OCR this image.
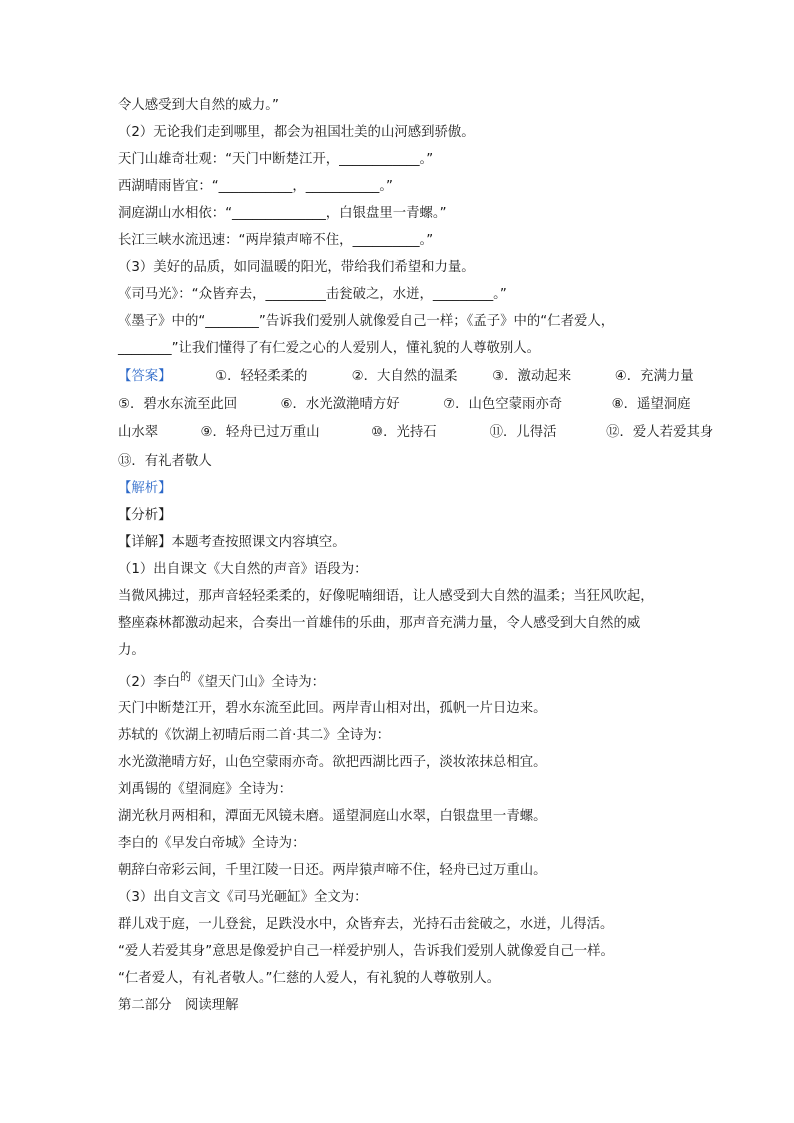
令人感受到大自然的威力。”
（2）无论我们走到哪里，都会为祖国壮美的山河感到骄傲。
天门山雄奇壮观：“天门中断楚江开，____________。”
西湖晴雨皆宜：“___________，___________。”
洞庭湖山水相依：“______________，白银盘里一青螺。”
长江三峡水流迅速：“两岸猿声啼不住，__________。”
（3）美好的品质，如同温暖的阳光，带给我们希望和力量。
《司马光》：“众皆弃去，_________击瓮破之，水迸，_________。”
《墨子》中的“________”告诉我们爱别人就像爱自己一样；《孟子》中的“仁者爱人，
________”让我们懂得了有仁爱之心的人爱别人，懂礼貌的人尊敬别人。
【答案】	①．轻轻柔柔的	②．大自然的温柔	③．激动起来	④．充满力量
⑤．碧水东流至此回	⑥．水光潋滟晴方好	⑦．山色空蒙雨亦奇	⑧．遥望洞庭
山水翠	⑨．轻舟已过万重山	⑩．光持石	⑪．儿得活	⑫．爱人若爱其身
⑬．有礼者敬人
【解析】
【分析】
【详解】本题考查按照课文内容填空。
（1）出自课文《大自然的声音》语段为：
当微风拂过，那声音轻轻柔柔的，好像呢喃细语，让人感受到大自然的温柔；当狂风吹起，
整座森林都激动起来，合奏出一首雄伟的乐曲，那声音充满力量，令人感受到大自然的威
力。
（2）李白$^的$《望天门山》全诗为：
天门中断楚江开，碧水东流至此回。两岸青山相对出，孤帆一片日边来。
苏轼的《饮湖上初晴后雨二首·其二》全诗为：
水光潋滟晴方好，山色空蒙雨亦奇。欲把西湖比西子，淡妆浓抹总相宜。
刘禹锡的《望洞庭》全诗为：
湖光秋月两相和，潭面无风镜未磨。遥望洞庭山水翠，白银盘里一青螺。
李白的《早发白帝城》全诗为：
朝辞白帝彩云间，千里江陵一日还。两岸猿声啼不住，轻舟已过万重山。
（3）出自文言文《司马光砸缸》全文为：
群儿戏于庭，一儿登瓮，足跌没水中，众皆弃去，光持石击瓮破之，水迸，儿得活。
“爱人若爱其身”意思是像爱护自己一样爱护别人，告诉我们爱别人就像爱自己一样。
“仁者爱人，有礼者敬人。”仁慈的人爱人，有礼貌的人尊敬别人。
第二部分　阅读理解
